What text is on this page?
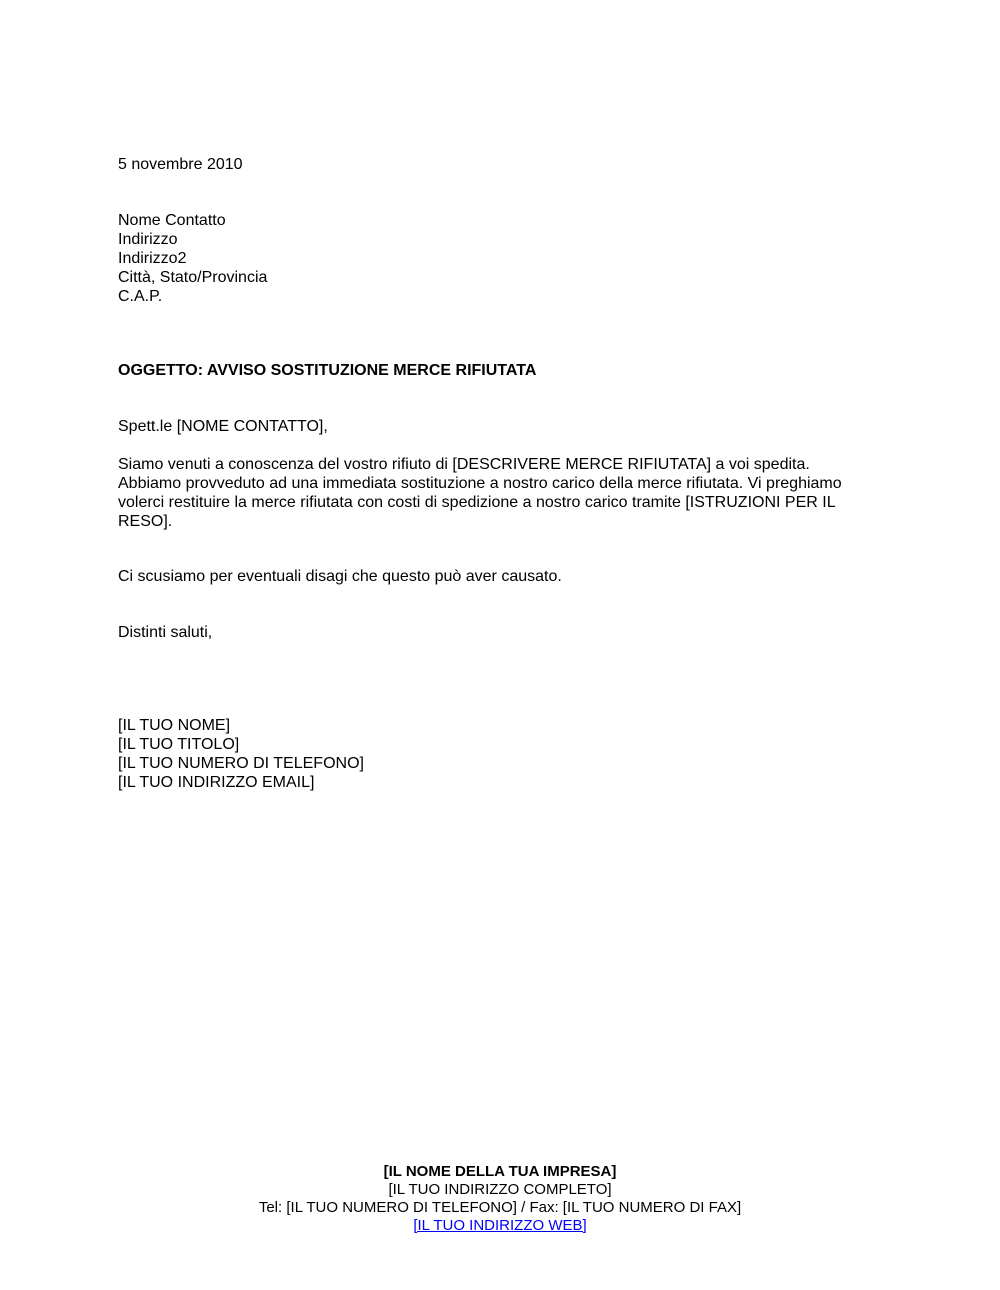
5 novembre 2010
Nome Contatto
Indirizzo
Indirizzo2
Città, Stato/Provincia
C.A.P.
OGGETTO: AVVISO SOSTITUZIONE MERCE RIFIUTATA
Spett.le [NOME CONTATTO],
Siamo venuti a conoscenza del vostro rifiuto di [DESCRIVERE MERCE RIFIUTATA] a voi spedita. Abbiamo provveduto ad una immediata sostituzione a nostro carico della merce rifiutata. Vi preghiamo volerci restituire la merce rifiutata con costi di spedizione a nostro carico tramite [ISTRUZIONI PER IL RESO].
Ci scusiamo per eventuali disagi che questo può aver causato.
Distinti saluti,
[IL TUO NOME]
[IL TUO TITOLO]
[IL TUO NUMERO DI TELEFONO]
[IL TUO INDIRIZZO EMAIL]
[IL NOME DELLA TUA IMPRESA]
[IL TUO INDIRIZZO COMPLETO]
Tel: [IL TUO NUMERO DI TELEFONO] / Fax: [IL TUO NUMERO DI FAX]
[IL TUO INDIRIZZO WEB]
